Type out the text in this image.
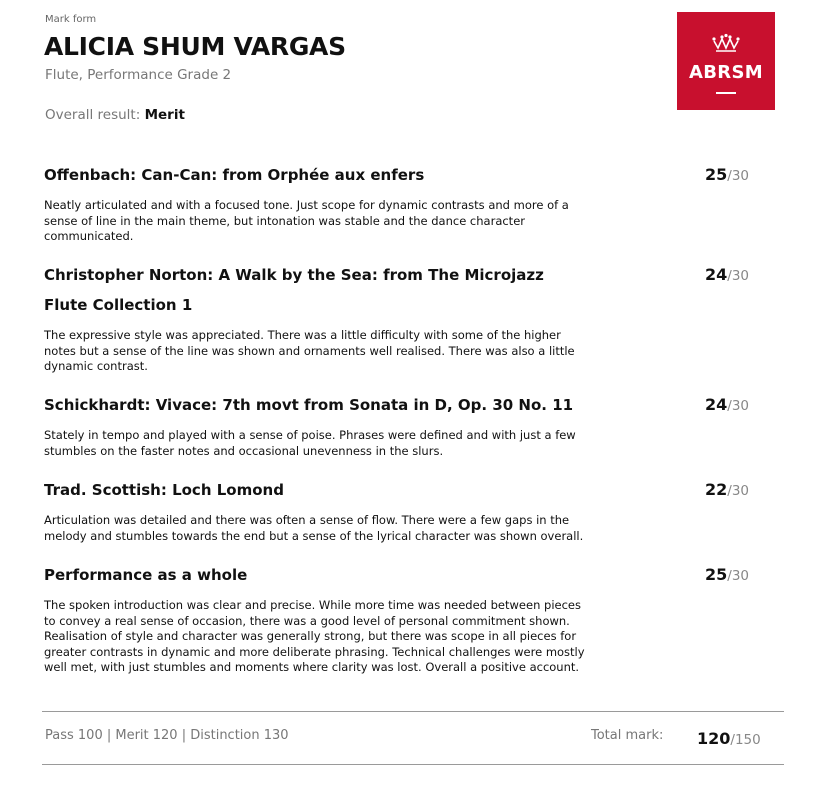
Mark form
ALICIA SHUM VARGAS
Flute, Performance Grade 2
Overall result: Merit
ABRSM
Offenbach: Can-Can: from Orphée aux enfers
Neatly articulated and with a focused tone. Just scope for dynamic contrasts and more of a sense of line in the main theme, but intonation was stable and the dance character communicated.
25/30
Christopher Norton: A Walk by the Sea: from The Microjazz Flute Collection 1
The expressive style was appreciated. There was a little difficulty with some of the higher notes but a sense of the line was shown and ornaments well realised. There was also a little dynamic contrast.
24/30
Schickhardt: Vivace: 7th movt from Sonata in D, Op. 30 No. 11
Stately in tempo and played with a sense of poise. Phrases were defined and with just a few stumbles on the faster notes and occasional unevenness in the slurs.
24/30
Trad. Scottish: Loch Lomond
Articulation was detailed and there was often a sense of flow. There were a few gaps in the melody and stumbles towards the end but a sense of the lyrical character was shown overall.
22/30
Performance as a whole
The spoken introduction was clear and precise. While more time was needed between pieces to convey a real sense of occasion, there was a good level of personal commitment shown. Realisation of style and character was generally strong, but there was scope in all pieces for greater contrasts in dynamic and more deliberate phrasing. Technical challenges were mostly well met, with just stumbles and moments where clarity was lost. Overall a positive account.
25/30
Pass 100 | Merit 120 | Distinction 130	Total mark: 120/150
